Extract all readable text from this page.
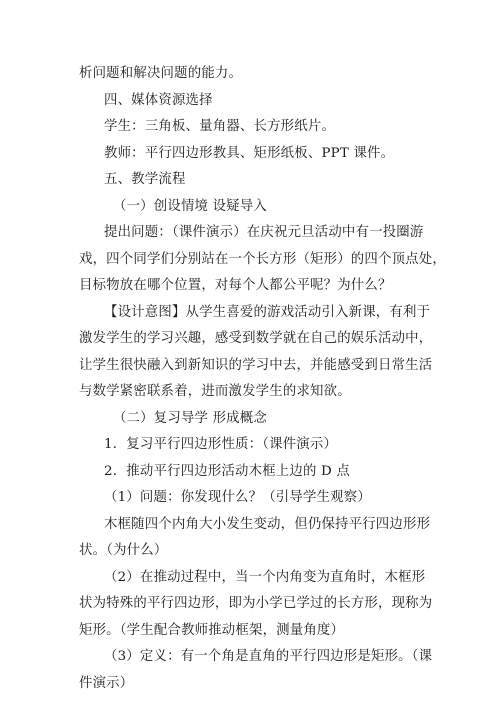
析问题和解决问题的能力。
四、媒体资源选择
学生：三角板、量角器、长方形纸片。
教师：平行四边形教具、矩形纸板、PPT 课件。
五、教学流程
（一）创设情境 设疑导入
提出问题：（课件演示）在庆祝元旦活动中有一投圈游
戏，四个同学们分别站在一个长方形（矩形）的四个顶点处，
目标物放在哪个位置，对每个人都公平呢？为什么？
【设计意图】从学生喜爱的游戏活动引入新课，有利于
激发学生的学习兴趣，感受到数学就在自己的娱乐活动中，
让学生很快融入到新知识的学习中去，并能感受到日常生活
与数学紧密联系着，进而激发学生的求知欲。
（二）复习导学 形成概念
1．复习平行四边形性质：（课件演示）
2．推动平行四边形活动木框上边的 D 点
（1）问题：你发现什么？（引导学生观察）
木框随四个内角大小发生变动，但仍保持平行四边形形
状。（为什么）
（2）在推动过程中，当一个内角变为直角时，木框形
状为特殊的平行四边形，即为小学已学过的长方形，现称为
矩形。（学生配合教师推动框架，测量角度）
（3）定义：有一个角是直角的平行四边形是矩形。（课
件演示）
